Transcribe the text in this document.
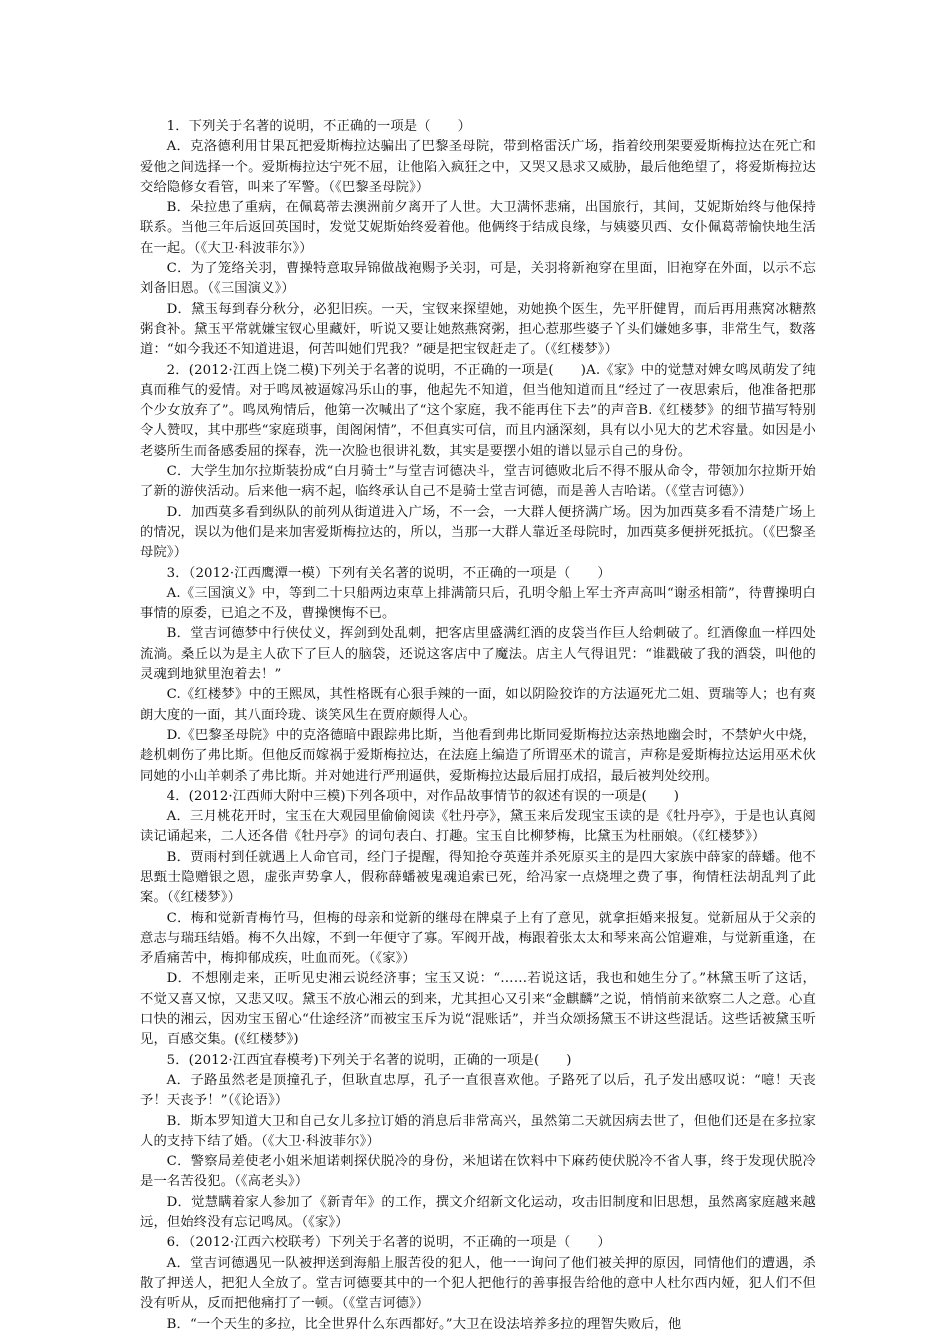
1．下列关于名著的说明，不正确的一项是（　　）

A．克洛德利用甘果瓦把爱斯梅拉达骗出了巴黎圣母院，带到格雷沃广场，指着绞刑架要爱斯梅拉达在死亡和爱他之间选择一个。爱斯梅拉达宁死不屈，让他陷入疯狂之中，又哭又恳求又威胁，最后他绝望了，将爱斯梅拉达交给隐修女看管，叫来了军警。（《巴黎圣母院》）

B．朵拉患了重病，在佩葛蒂去澳洲前夕离开了人世。大卫满怀悲痛，出国旅行，其间，艾妮斯始终与他保持联系。当他三年后返回英国时，发觉艾妮斯始终爱着他。他俩终于结成良缘，与姨婆贝西、女仆佩葛蒂愉快地生活在一起。（《大卫·科波菲尔》）

C．为了笼络关羽，曹操特意取异锦做战袍赐予关羽，可是，关羽将新袍穿在里面，旧袍穿在外面，以示不忘刘备旧恩。（《三国演义》）

D．黛玉每到春分秋分，必犯旧疾。一天，宝钗来探望她，劝她换个医生，先平肝健胃，而后再用燕窝冰糖熬粥食补。黛玉平常就嫌宝钗心里藏奸，听说又要让她熬燕窝粥，担心惹那些婆子丫头们嫌她多事，非常生气，数落道：“如今我还不知道进退，何苦叫她们咒我？”硬是把宝钗赶走了。（《红楼梦》）

2．(2012·江西上饶二模)下列关于名著的说明，不正确的一项是(　　)A.《家》中的觉慧对婢女鸣凤萌发了纯真而稚气的爱情。对于鸣凤被逼嫁冯乐山的事，他起先不知道，但当他知道而且“经过了一夜思索后，他准备把那个少女放弃了”。鸣凤殉情后，他第一次喊出了“这个家庭，我不能再住下去”的声音B.《红楼梦》的细节描写特别令人赞叹，其中那些“家庭琐事，闺阁闲情”，不但真实可信，而且内涵深刻，具有以小见大的艺术容量。如因是小老婆所生而备感委屈的探春，洗一次脸也很讲礼数，其实是要摆小姐的谱以显示自己的身份。

C．大学生加尔拉斯装扮成“白月骑士”与堂吉诃德决斗，堂吉诃德败北后不得不服从命令，带领加尔拉斯开始了新的游侠活动。后来他一病不起，临终承认自己不是骑士堂吉诃德，而是善人吉哈诺。（《堂吉诃德》）

D．加西莫多看到纵队的前列从街道进入广场，不一会，一大群人便挤满广场。因为加西莫多看不清楚广场上的情况，误以为他们是来加害爱斯梅拉达的，所以，当那一大群人靠近圣母院时，加西莫多便拼死抵抗。（《巴黎圣母院》）

3．（2012·江西鹰潭一模）下列有关名著的说明，不正确的一项是（　　）

A.《三国演义》中，等到二十只船两边束草上排满箭只后，孔明令船上军士齐声高叫“谢丞相箭”，待曹操明白事情的原委，已追之不及，曹操懊悔不已。

B．堂吉诃德梦中行侠仗义，挥剑到处乱刺，把客店里盛满红酒的皮袋当作巨人给刺破了。红酒像血一样四处流淌。桑丘以为是主人砍下了巨人的脑袋，还说这客店中了魔法。店主人气得诅咒：“谁戳破了我的酒袋，叫他的灵魂到地狱里泡着去！”

C.《红楼梦》中的王熙凤，其性格既有心狠手辣的一面，如以阴险狡诈的方法逼死尤二姐、贾瑞等人；也有爽朗大度的一面，其八面玲珑、谈笑风生在贾府颇得人心。

D.《巴黎圣母院》中的克洛德暗中跟踪弗比斯，当他看到弗比斯同爱斯梅拉达亲热地幽会时，不禁妒火中烧，趁机刺伤了弗比斯。但他反而嫁祸于爱斯梅拉达，在法庭上编造了所谓巫术的谎言，声称是爱斯梅拉达运用巫术伙同她的小山羊刺杀了弗比斯。并对她进行严刑逼供，爱斯梅拉达最后屈打成招，最后被判处绞刑。

4．(2012·江西师大附中三模)下列各项中，对作品故事情节的叙述有误的一项是(　　)

A．三月桃花开时，宝玉在大观园里偷偷阅读《牡丹亭》，黛玉来后发现宝玉读的是《牡丹亭》，于是也认真阅读记诵起来，二人还各借《牡丹亭》的词句表白、打趣。宝玉自比柳梦梅，比黛玉为杜丽娘。（《红楼梦》）

B．贾雨村到任就遇上人命官司，经门子提醒，得知抢夺英莲并杀死原买主的是四大家族中薛家的薛蟠。他不思甄士隐赠银之恩，虚张声势拿人，假称薛蟠被鬼魂追索已死，给冯家一点烧埋之费了事，徇情枉法胡乱判了此案。（《红楼梦》）

C．梅和觉新青梅竹马，但梅的母亲和觉新的继母在牌桌子上有了意见，就拿拒婚来报复。觉新屈从于父亲的意志与瑞珏结婚。梅不久出嫁，不到一年便守了寡。军阀开战，梅跟着张太太和琴来高公馆避难，与觉新重逢，在矛盾痛苦中，梅抑郁成疾，吐血而死。（《家》）

D．不想刚走来，正听见史湘云说经济事；宝玉又说：“……若说这话，我也和她生分了。”林黛玉听了这话，不觉又喜又惊，又悲又叹。黛玉不放心湘云的到来，尤其担心又引来“金麒麟”之说，悄悄前来欲察二人之意。心直口快的湘云，因劝宝玉留心“仕途经济”而被宝玉斥为说“混账话”，并当众颂扬黛玉不讲这些混话。这些话被黛玉听见，百感交集。(《红楼梦》)

5．(2012·江西宜春模考)下列关于名著的说明，正确的一项是(　　)

A．子路虽然老是顶撞孔子，但耿直忠厚，孔子一直很喜欢他。子路死了以后，孔子发出感叹说：“噫！天丧予！天丧予！”（《论语》）

B．斯本罗知道大卫和自己女儿多拉订婚的消息后非常高兴，虽然第二天就因病去世了，但他们还是在多拉家人的支持下结了婚。（《大卫·科波菲尔》）

C．警察局差使老小姐米旭诺刺探伏脱冷的身份，米旭诺在饮料中下麻药使伏脱冷不省人事，终于发现伏脱冷是一名苦役犯。（《高老头》）

D．觉慧瞒着家人参加了《新青年》的工作，撰文介绍新文化运动，攻击旧制度和旧思想，虽然离家庭越来越远，但始终没有忘记鸣凤。（《家》）

6．（2012·江西六校联考）下列关于名著的说明，不正确的一项是（　　）

A．堂吉诃德遇见一队被押送到海船上服苦役的犯人，他一一询问了他们被关押的原因，同情他们的遭遇，杀散了押送人，把犯人全放了。堂吉诃德要其中的一个犯人把他行的善事报告给他的意中人杜尔西内娅，犯人们不但没有听从，反而把他痛打了一顿。（《堂吉诃德》）

B．“一个天生的多拉，比全世界什么东西都好。”大卫在设法培养多拉的理智失败后，他
